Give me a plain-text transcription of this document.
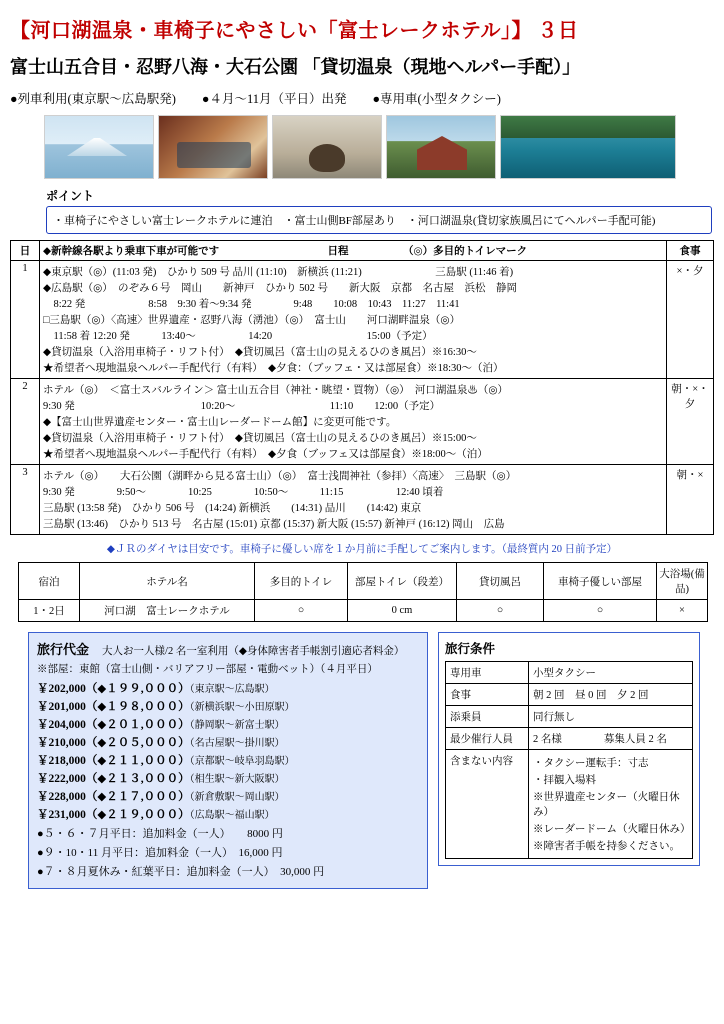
【河口湖温泉・車椅子にやさしい「富士レークホテル」】 ３日
富士山五合目・忍野八海・大石公園 「貸切温泉（現地ヘルパー手配）」
●列車利用(東京駅〜広島駅発) ●４月〜11月（平日）出発 ●専用車(小型タクシー)
ポイント
・車椅子にやさしい富士レークホテルに連泊　・富士山側BF部屋あり　・河口湖温泉(貸切家族風呂にてヘルパー手配可能)
日	◆新幹線各駅より乗車下車が可能です 日程 （◎）多目的トイレマーク	食事
1	◆東京駅（◎）(11:03 発)　ひかり 509 号 品川 (11:10)　新横浜 (11:21)　　　　　　　三島駅 (11:46 着)
◆広島駅（◎）　のぞみ６号　岡山　　新神戸　ひかり 502 号　　新大阪　京都　名古屋　浜松　静岡
　8:22 発　　　　　　8:58　9:30 着〜9:34 発　　　　9:48　　10:08　10:43　11:27　11:41
□三島駅（◎）〈高速〉世界遺産・忍野八海（湧池）（◎）　富士山　　河口湖畔温泉（◎）
　11:58 着 12:20 発　　　13:40〜　　　　　14:20　　　　　　　　　15:00（予定）
◆貸切温泉（入浴用車椅子・リフト付）　◆貸切風呂（富士山の見えるひのき風呂）※16:30〜
★希望者へ現地温泉ヘルパー手配代行（有料）　◆夕食：（ブッフェ・又は部屋食）※18:30〜（泊）
	×・夕
2	ホテル（◎）　＜富士スバルライン＞ 富士山五合目（神社・眺望・買物）（◎）　河口湖温泉♨（◎）
9:30 発　　　　　　　　　　　　10:20〜　　　　　　　　　11:10　　12:00（予定）
◆【富士山世界遺産センター・富士山レーダードーム館】に変更可能です。
◆貸切温泉（入浴用車椅子・リフト付）　◆貸切風呂（富士山の見えるひのき風呂）※15:00〜
★希望者へ現地温泉ヘルパー手配代行（有料）　◆夕食（ブッフェ又は部屋食）※18:00〜（泊）	朝・×・夕
3	ホテル（◎）　　大石公園（湖畔から見る富士山）（◎）　富士浅間神社（参拝）〈高速〉　三島駅（◎）
9:30 発　　　　9:50〜　　　　10:25　　　　10:50〜　　　11:15　　　　　12:40 頃着
三島駅 (13:58 発)　ひかり 506 号　(14:24) 新横浜　　(14:31) 品川　　(14:42) 東京
三島駅 (13:46)　ひかり 513 号　名古屋 (15:01) 京都 (15:37) 新大阪 (15:57) 新神戸 (16:12) 岡山　広島	朝・×
◆ＪＲのダイヤは目安です。車椅子に優しい席を１か月前に手配してご案内します。（最終質内 20 日前予定）
宿泊	ホテル名	多目的トイレ	部屋トイレ（段差）	貸切風呂	車椅子優しい部屋	大浴場(備品)
1・2日	河口湖　富士レークホテル	○	0 cm	○	○	×
旅行代金　 大人お一人様/2 名一室利用（◆身体障害者手帳割引適応者料金）
※部屋：東館（富士山側・バリアフリー部屋・電動ベット）（４月平日）
￥202,000（◆１９９,０００）（東京駅〜広島駅）
￥201,000（◆１９８,０００）（新横浜駅〜小田原駅）
￥204,000（◆２０１,０００）（静岡駅〜新富士駅）
￥210,000（◆２０５,０００）（名古屋駅〜掛川駅）
￥218,000（◆２１１,０００）（京都駅〜岐阜羽島駅）
￥222,000（◆２１３,０００）（相生駅〜新大阪駅）
￥228,000（◆２１７,０００）（新倉敷駅〜岡山駅）
￥231,000（◆２１９,０００）（広島駅〜福山駅）
●５・６・７月平日：追加料金（一人）　　8000 円
●９・10・11 月平日：追加料金（一人）　16,000 円
●７・８月夏休み・紅葉平日：追加料金（一人）　30,000 円
旅行条件
専用車	小型タクシー
食事	朝 2 回　昼 0 回　夕 2 回
添乗員	同行無し
最少催行人員	2 名様　　　　募集人員 2 名
含まない内容	・タクシー運転手：寸志
・拝観入場料
※世界遺産センター（火曜日休み）
※レーダードーム（火曜日休み）
※障害者手帳を持参ください。
